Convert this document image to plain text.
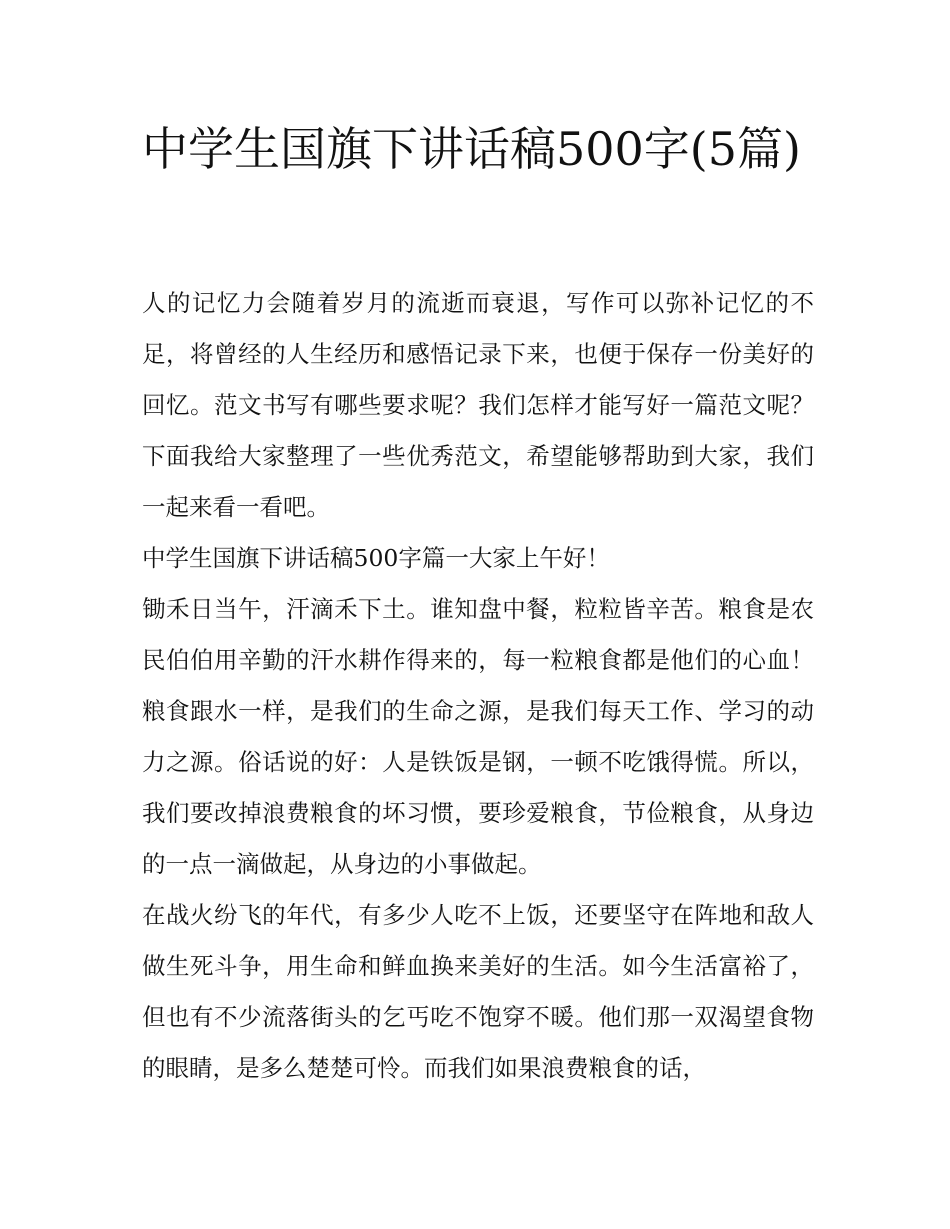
中学生国旗下讲话稿500字(5篇)

人的记忆力会随着岁月的流逝而衰退，写作可以弥补记忆的不足，将曾经的人生经历和感悟记录下来，也便于保存一份美好的回忆。范文书写有哪些要求呢？我们怎样才能写好一篇范文呢？下面我给大家整理了一些优秀范文，希望能够帮助到大家，我们一起来看一看吧。

中学生国旗下讲话稿500字篇一大家上午好！

锄禾日当午，汗滴禾下土。谁知盘中餐，粒粒皆辛苦。粮食是农民伯伯用辛勤的汗水耕作得来的，每一粒粮食都是他们的心血！粮食跟水一样，是我们的生命之源，是我们每天工作、学习的动力之源。俗话说的好：人是铁饭是钢，一顿不吃饿得慌。所以，我们要改掉浪费粮食的坏习惯，要珍爱粮食，节俭粮食，从身边的一点一滴做起，从身边的小事做起。

在战火纷飞的年代，有多少人吃不上饭，还要坚守在阵地和敌人做生死斗争，用生命和鲜血换来美好的生活。如今生活富裕了，但也有不少流落街头的乞丐吃不饱穿不暖。他们那一双渴望食物的眼睛，是多么楚楚可怜。而我们如果浪费粮食的话，
